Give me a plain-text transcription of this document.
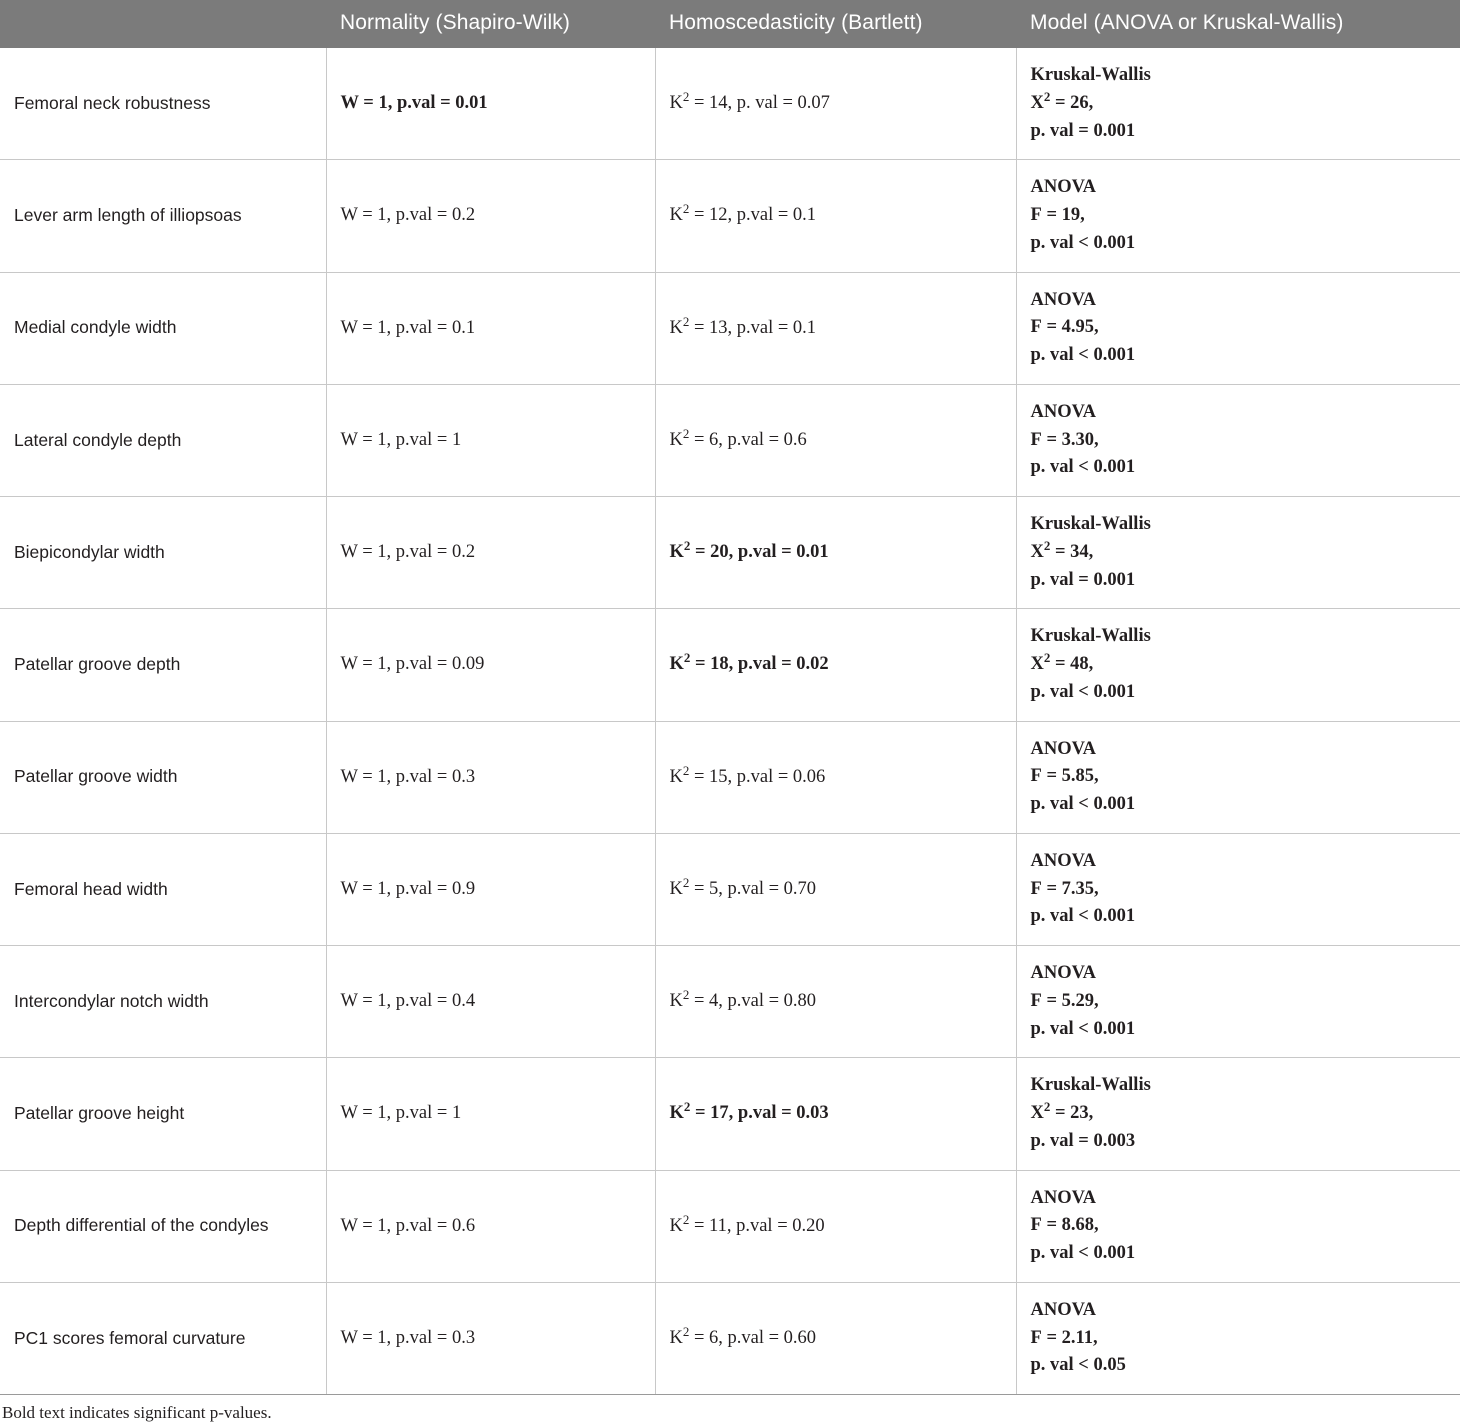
	Normality (Shapiro-Wilk)	Homoscedasticity (Bartlett)	Model (ANOVA or Kruskal-Wallis)
Femoral neck robustness	W = 1, p.val = 0.01	$K^2 = 14$, p. val = 0.07	Kruskal-Wallis
$X^2 = 26$,
p. val = 0.001

Lever arm length of illiopsoas	W = 1, p.val = 0.2	$K^2 = 12$, p.val = 0.1	ANOVA
F = 19,
p. val < 0.001

Medial condyle width	W = 1, p.val = 0.1	$K^2 = 13$, p.val = 0.1	ANOVA
F = 4.95,
p. val < 0.001

Lateral condyle depth	W = 1, p.val = 1	$K^2 = 6$, p.val = 0.6	ANOVA
F = 3.30,
p. val < 0.001

Biepicondylar width	W = 1, p.val = 0.2	$K^2 = 20$, p.val = 0.01	Kruskal-Wallis
$X^2 = 34$,
p. val = 0.001

Patellar groove depth	W = 1, p.val = 0.09	$K^2 = 18$, p.val = 0.02	Kruskal-Wallis
$X^2 = 48$,
p. val < 0.001

Patellar groove width	W = 1, p.val = 0.3	$K^2 = 15$, p.val = 0.06	ANOVA
F = 5.85,
p. val < 0.001

Femoral head width	W = 1, p.val = 0.9	$K^2 = 5$, p.val = 0.70	ANOVA
F = 7.35,
p. val < 0.001

Intercondylar notch width	W = 1, p.val = 0.4	$K^2 = 4$, p.val = 0.80	ANOVA
F = 5.29,
p. val < 0.001

Patellar groove height	W = 1, p.val = 1	$K^2 = 17$, p.val = 0.03	Kruskal-Wallis
$X^2 = 23$,
p. val = 0.003

Depth differential of the condyles	W = 1, p.val = 0.6	$K^2 = 11$, p.val = 0.20	ANOVA
F = 8.68,
p. val < 0.001

PC1 scores femoral curvature	W = 1, p.val = 0.3	$K^2 = 6$, p.val = 0.60	ANOVA
F = 2.11,
p. val < 0.05
Bold text indicates significant p-values.
